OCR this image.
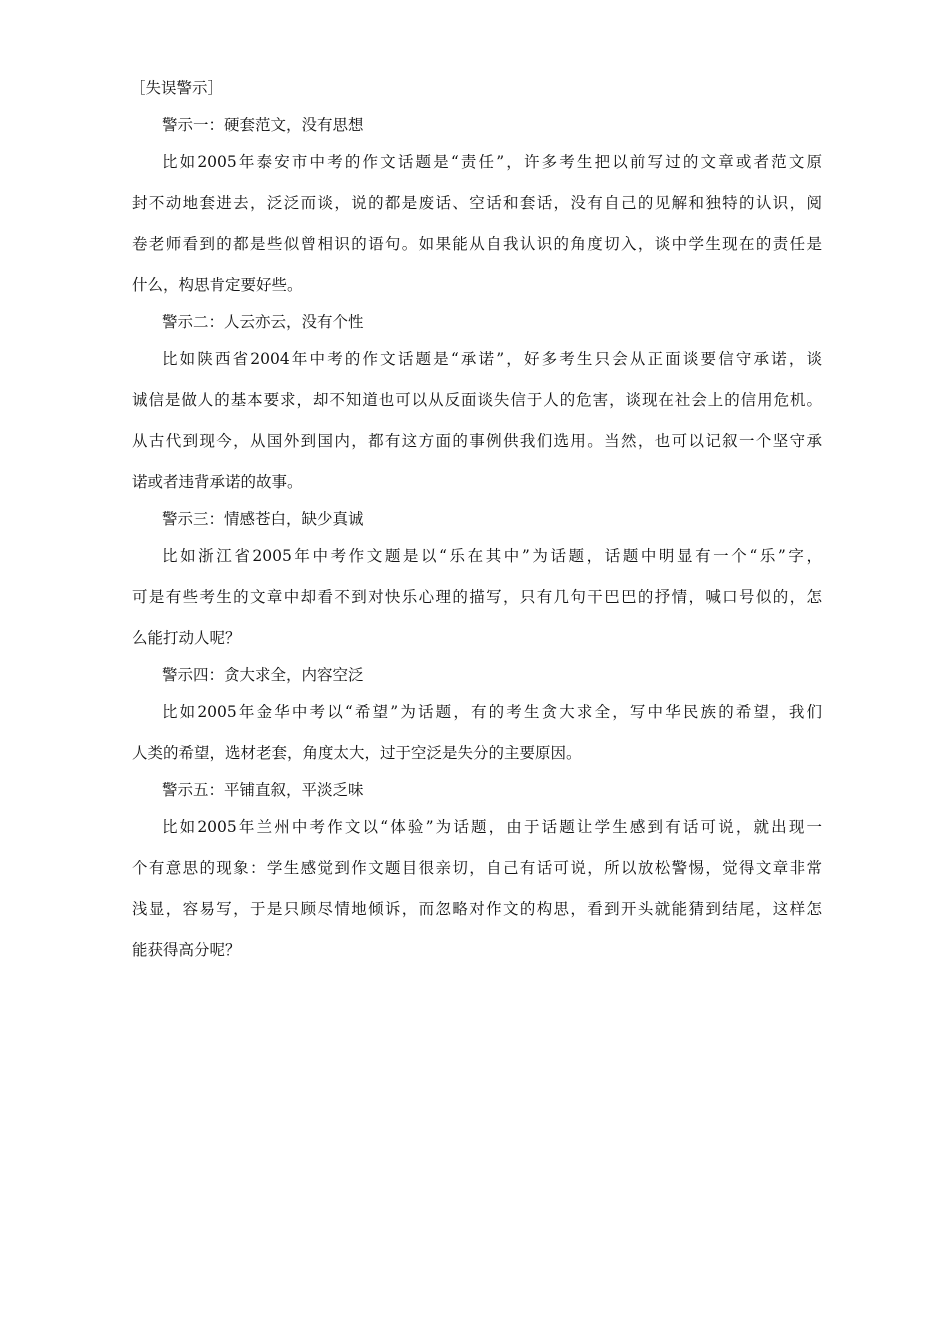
［失误警示］
警示一：硬套范文，没有思想
比如2005年泰安市中考的作文话题是“责任”，许多考生把以前写过的文章或者范文原
封不动地套进去，泛泛而谈，说的都是废话、空话和套话，没有自己的见解和独特的认识，阅
卷老师看到的都是些似曾相识的语句。如果能从自我认识的角度切入，谈中学生现在的责任是
什么，构思肯定要好些。
警示二：人云亦云，没有个性
比如陕西省2004年中考的作文话题是“承诺”，好多考生只会从正面谈要信守承诺，谈
诚信是做人的基本要求，却不知道也可以从反面谈失信于人的危害，谈现在社会上的信用危机。
从古代到现今，从国外到国内，都有这方面的事例供我们选用。当然，也可以记叙一个坚守承
诺或者违背承诺的故事。
警示三：情感苍白，缺少真诚
比如浙江省2005年中考作文题是以“乐在其中”为话题，话题中明显有一个“乐”字，
可是有些考生的文章中却看不到对快乐心理的描写，只有几句干巴巴的抒情，喊口号似的，怎
么能打动人呢？
警示四：贪大求全，内容空泛
比如2005年金华中考以“希望”为话题，有的考生贪大求全，写中华民族的希望，我们
人类的希望，选材老套，角度太大，过于空泛是失分的主要原因。
警示五：平铺直叙，平淡乏味
比如2005年兰州中考作文以“体验”为话题，由于话题让学生感到有话可说，就出现一
个有意思的现象：学生感觉到作文题目很亲切，自己有话可说，所以放松警惕，觉得文章非常
浅显，容易写，于是只顾尽情地倾诉，而忽略对作文的构思，看到开头就能猜到结尾，这样怎
能获得高分呢？
